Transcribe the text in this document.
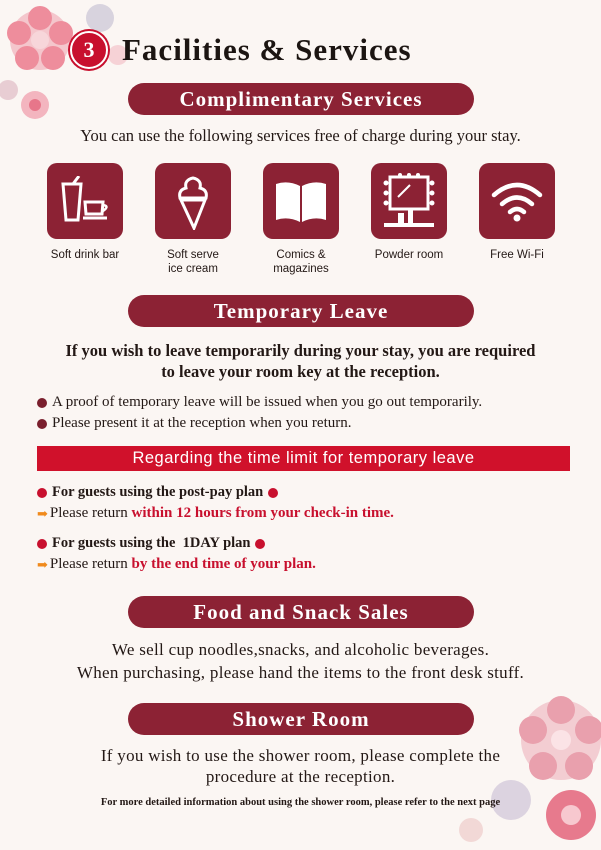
3 Facilities & Services
Complimentary Services
You can use the following services free of charge during your stay.
Soft drink bar	Soft serve
ice cream
Comics &
magazines
Powder room	Free Wi-Fi
Temporary Leave
If you wish to leave temporarily during your stay, you are required
to leave your room key at the reception.
A proof of temporary leave will be issued when you go out temporarily.
Please present it at the reception when you return.
Regarding the time limit for temporary leave
For guests using the post-pay plan
➡ Please return within 12 hours from your check-in time.
For guests using the  1DAY plan
➡ Please return by the end time of your plan.
Food and Snack Sales
We sell cup noodles,snacks, and alcoholic beverages.
When purchasing, please hand the items to the front desk stuff.
Shower Room
If you wish to use the shower room, please complete the
procedure at the reception.
For more detailed information about using the shower room, please refer to the next page
